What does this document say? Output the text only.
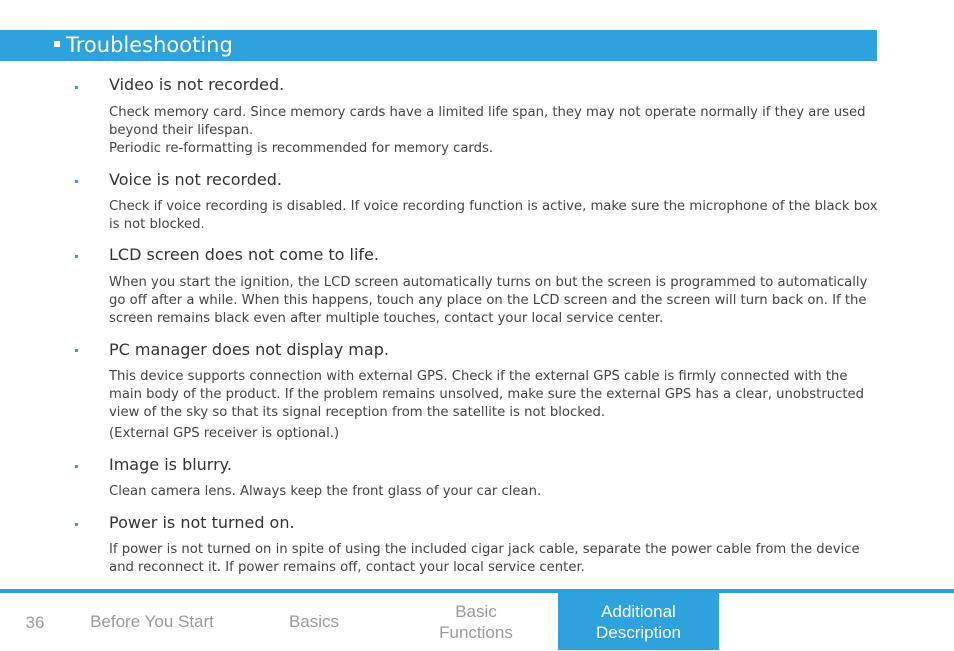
Troubleshooting
Video is not recorded.

Check memory card. Since memory cards have a limited life span, they may not operate normally if they are used beyond their lifespan.

Periodic re-formatting is recommended for memory cards.

Voice is not recorded.

Check if voice recording is disabled. If voice recording function is active, make sure the microphone of the black box is not blocked.

LCD screen does not come to life.

When you start the ignition, the LCD screen automatically turns on but the screen is programmed to automatically go off after a while. When this happens, touch any place on the LCD screen and the screen will turn back on. If the screen remains black even after multiple touches, contact your local service center.

PC manager does not display map.

This device supports connection with external GPS. Check if the external GPS cable is firmly connected with the main body of the product. If the problem remains unsolved, make sure the external GPS has a clear, unobstructed view of the sky so that its signal reception from the satellite is not blocked.

(External GPS receiver is optional.)

Image is blurry.

Clean camera lens. Always keep the front glass of your car clean.

Power is not turned on.

If power is not turned on in spite of using the included cigar jack cable, separate the power cable from the device and reconnect it. If power remains off, contact your local service center.

36	Before You Start	Basics
Basic
Functions
Additional
Description
